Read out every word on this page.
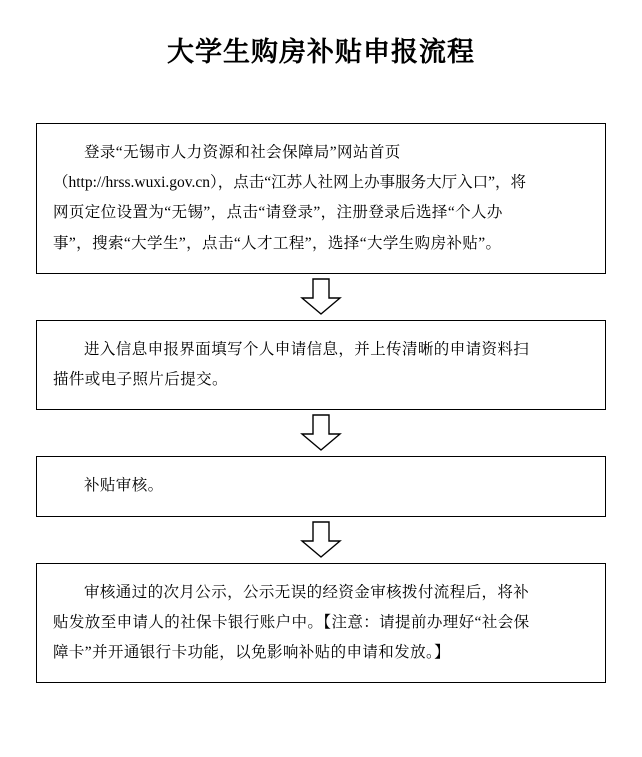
大学生购房补贴申报流程

登录“无锡市人力资源和社会保障局”网站首页

（http://hrss.wuxi.gov.cn），点击“江苏人社网上办事服务大厅入口”，将

网页定位设置为“无锡”，点击“请登录”，注册登录后选择“个人办

事”，搜索“大学生”，点击“人才工程”，选择“大学生购房补贴”。

进入信息申报界面填写个人申请信息，并上传清晰的申请资料扫

描件或电子照片后提交。

补贴审核。

审核通过的次月公示，公示无误的经资金审核拨付流程后，将补

贴发放至申请人的社保卡银行账户中。【注意：请提前办理好“社会保

障卡”并开通银行卡功能，以免影响补贴的申请和发放。】
